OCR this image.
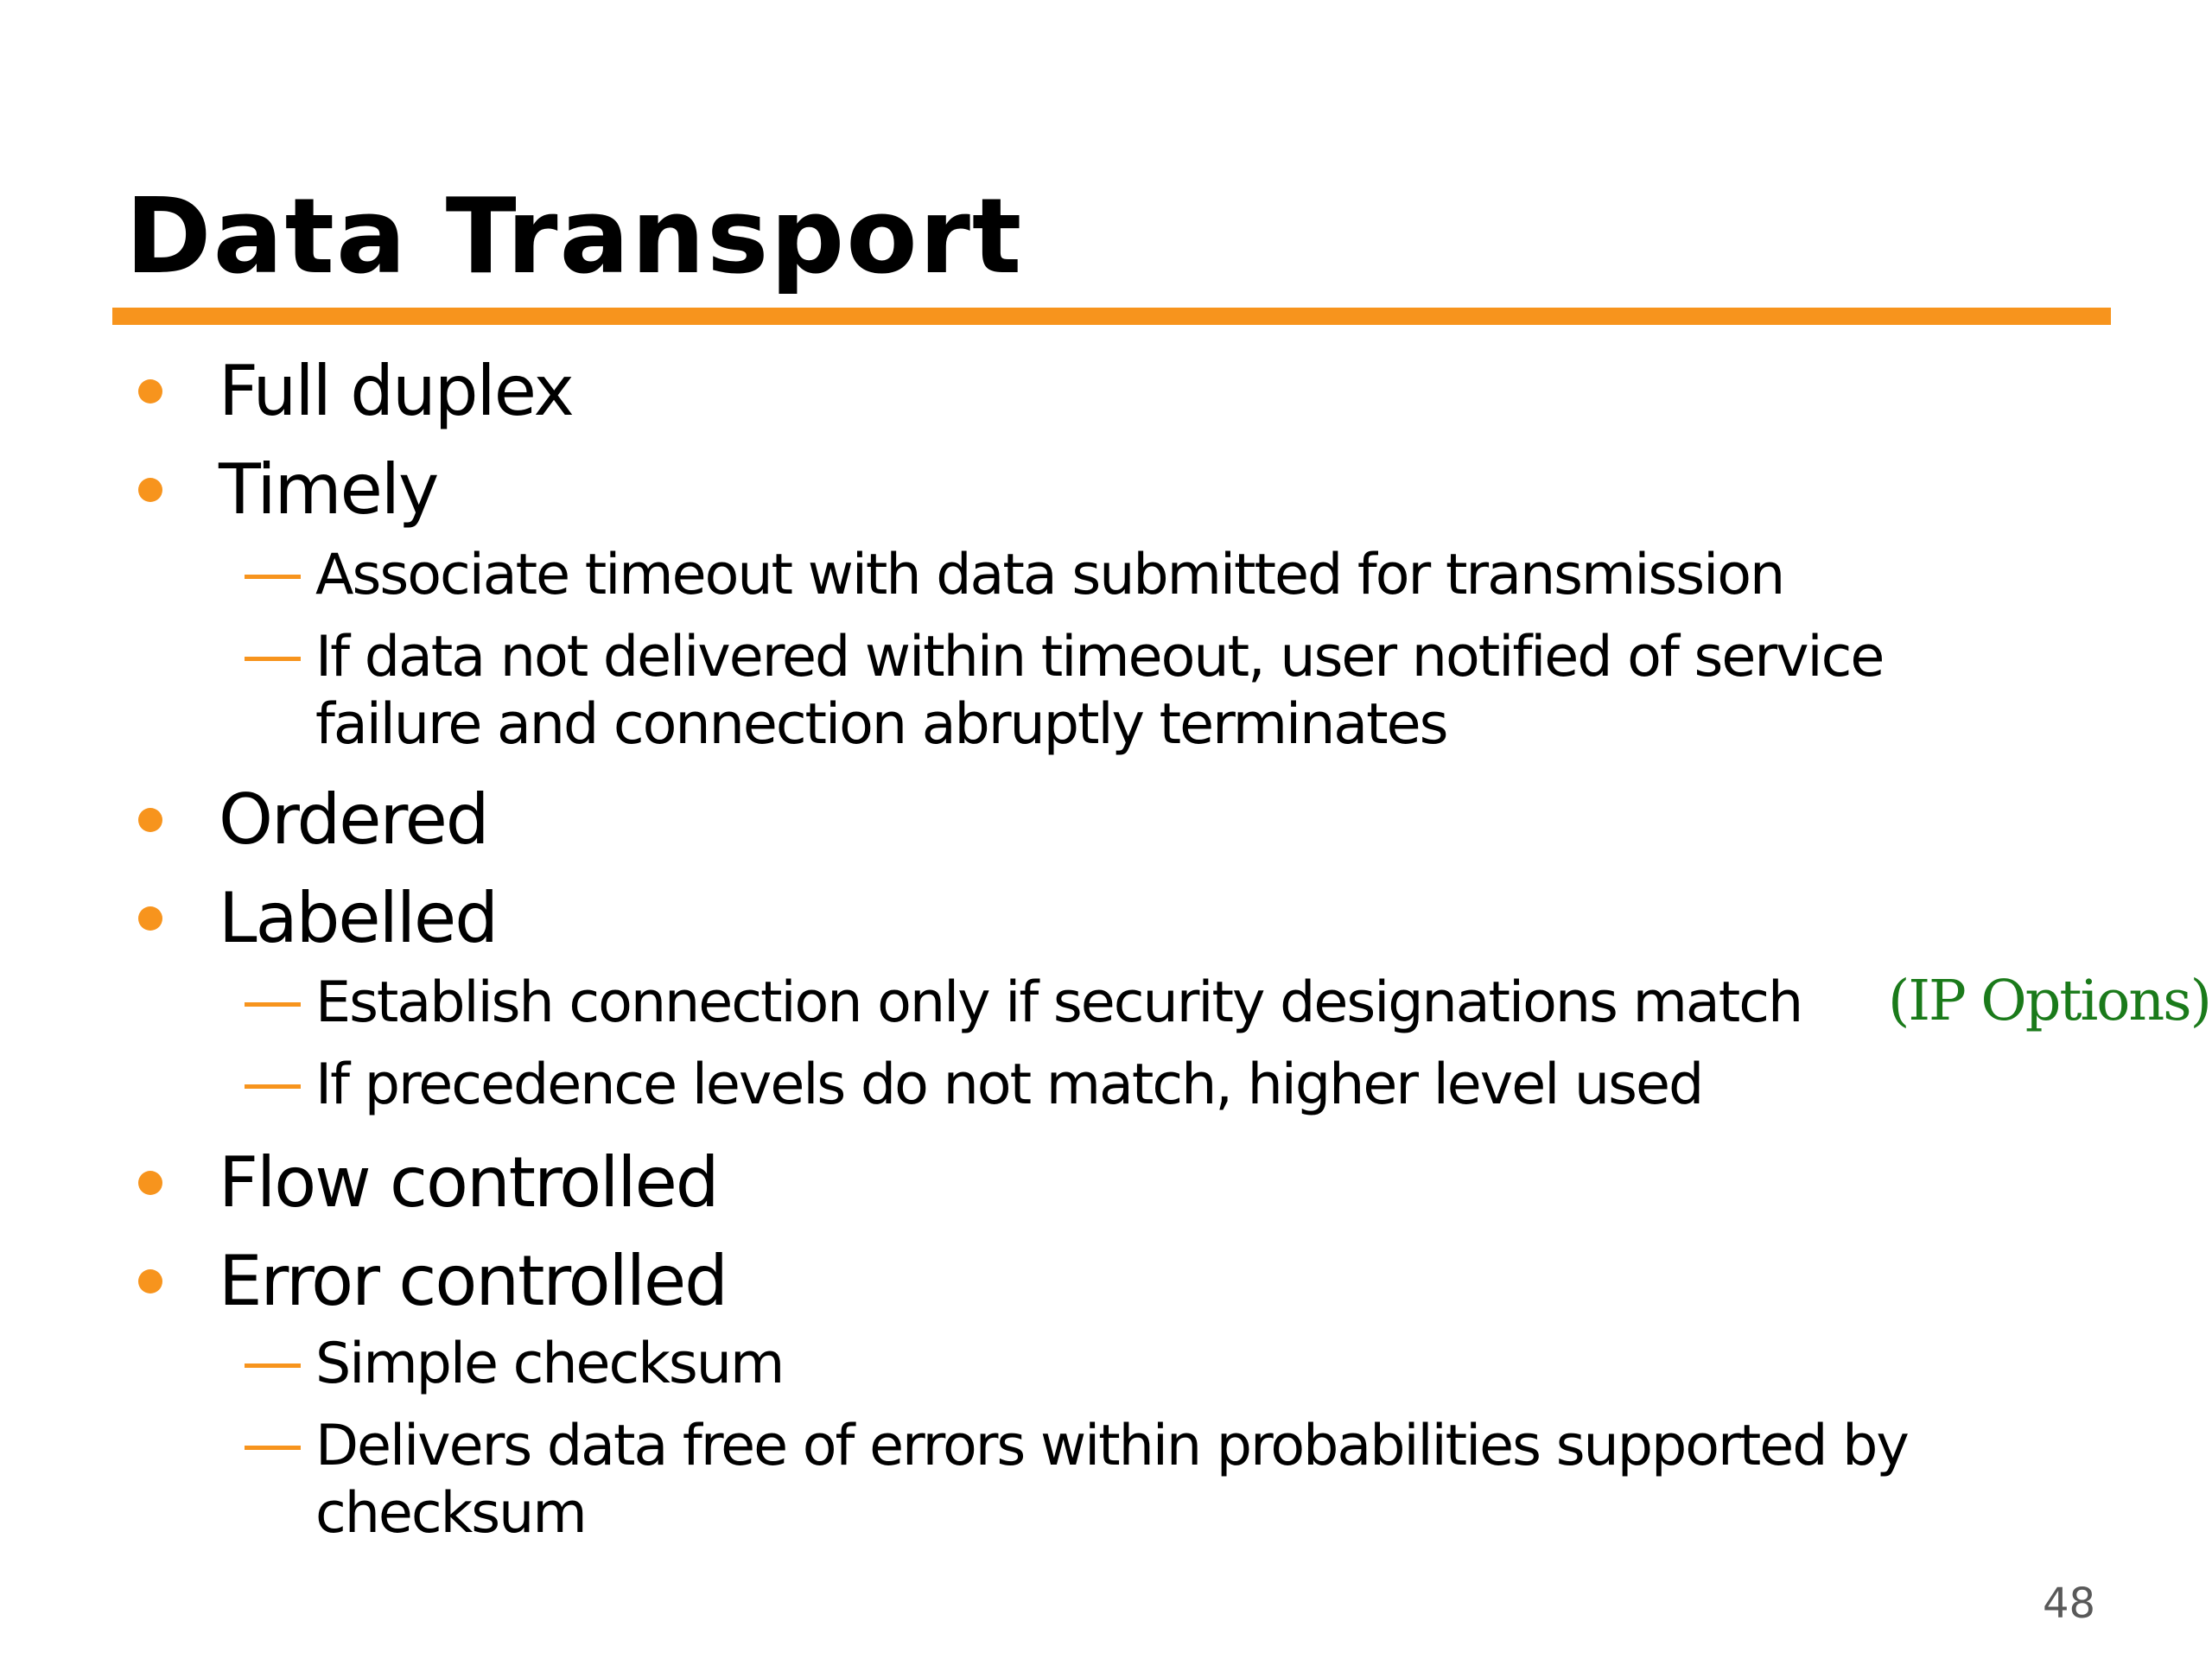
Data Transport
Full duplex
Timely
Associate timeout with data submitted for transmission
If data not delivered within timeout, user notified of service
failure and connection abruptly terminates
Ordered
Labelled
Establish connection only if security designations match (IP Options)
If precedence levels do not match, higher level used
Flow controlled
Error controlled
Simple checksum
Delivers data free of errors within probabilities supported by
checksum
48
